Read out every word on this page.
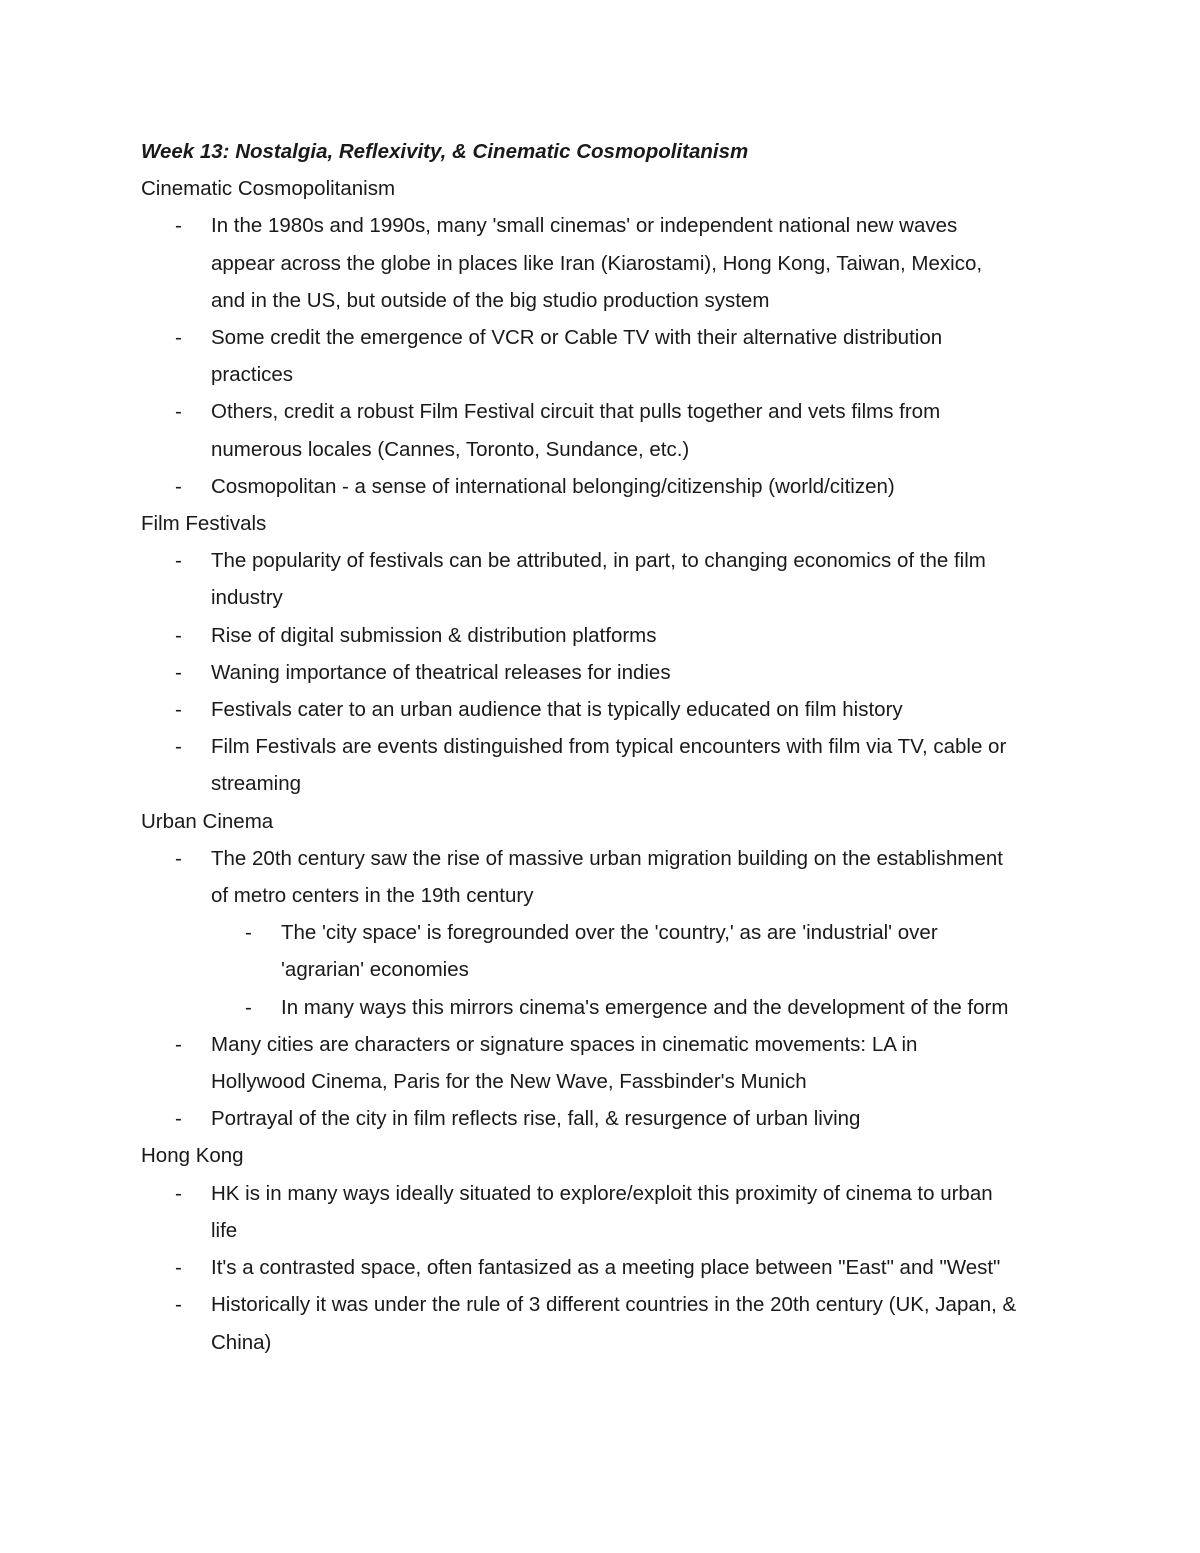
Week 13: Nostalgia, Reflexivity, & Cinematic Cosmopolitanism
Cinematic Cosmopolitanism
-	In the 1980s and 1990s, many 'small cinemas' or independent national new waves
appear across the globe in places like Iran (Kiarostami), Hong Kong, Taiwan, Mexico,
and in the US, but outside of the big studio production system
-	Some credit the emergence of VCR or Cable TV with their alternative distribution
practices
-	Others, credit a robust Film Festival circuit that pulls together and vets films from
numerous locales (Cannes, Toronto, Sundance, etc.)
-	Cosmopolitan - a sense of international belonging/citizenship (world/citizen)
Film Festivals
-	The popularity of festivals can be attributed, in part, to changing economics of the film
industry
-	Rise of digital submission & distribution platforms
-	Waning importance of theatrical releases for indies
-	Festivals cater to an urban audience that is typically educated on film history
-	Film Festivals are events distinguished from typical encounters with film via TV, cable or
streaming
Urban Cinema
-	The 20th century saw the rise of massive urban migration building on the establishment
of metro centers in the 19th century
-	The 'city space' is foregrounded over the 'country,' as are 'industrial' over
'agrarian' economies
-	In many ways this mirrors cinema's emergence and the development of the form
-	Many cities are characters or signature spaces in cinematic movements: LA in
Hollywood Cinema, Paris for the New Wave, Fassbinder's Munich
-	Portrayal of the city in film reflects rise, fall, & resurgence of urban living
Hong Kong
-	HK is in many ways ideally situated to explore/exploit this proximity of cinema to urban
life
-	It's a contrasted space, often fantasized as a meeting place between "East" and "West"
-	Historically it was under the rule of 3 different countries in the 20th century (UK, Japan, &
China)
